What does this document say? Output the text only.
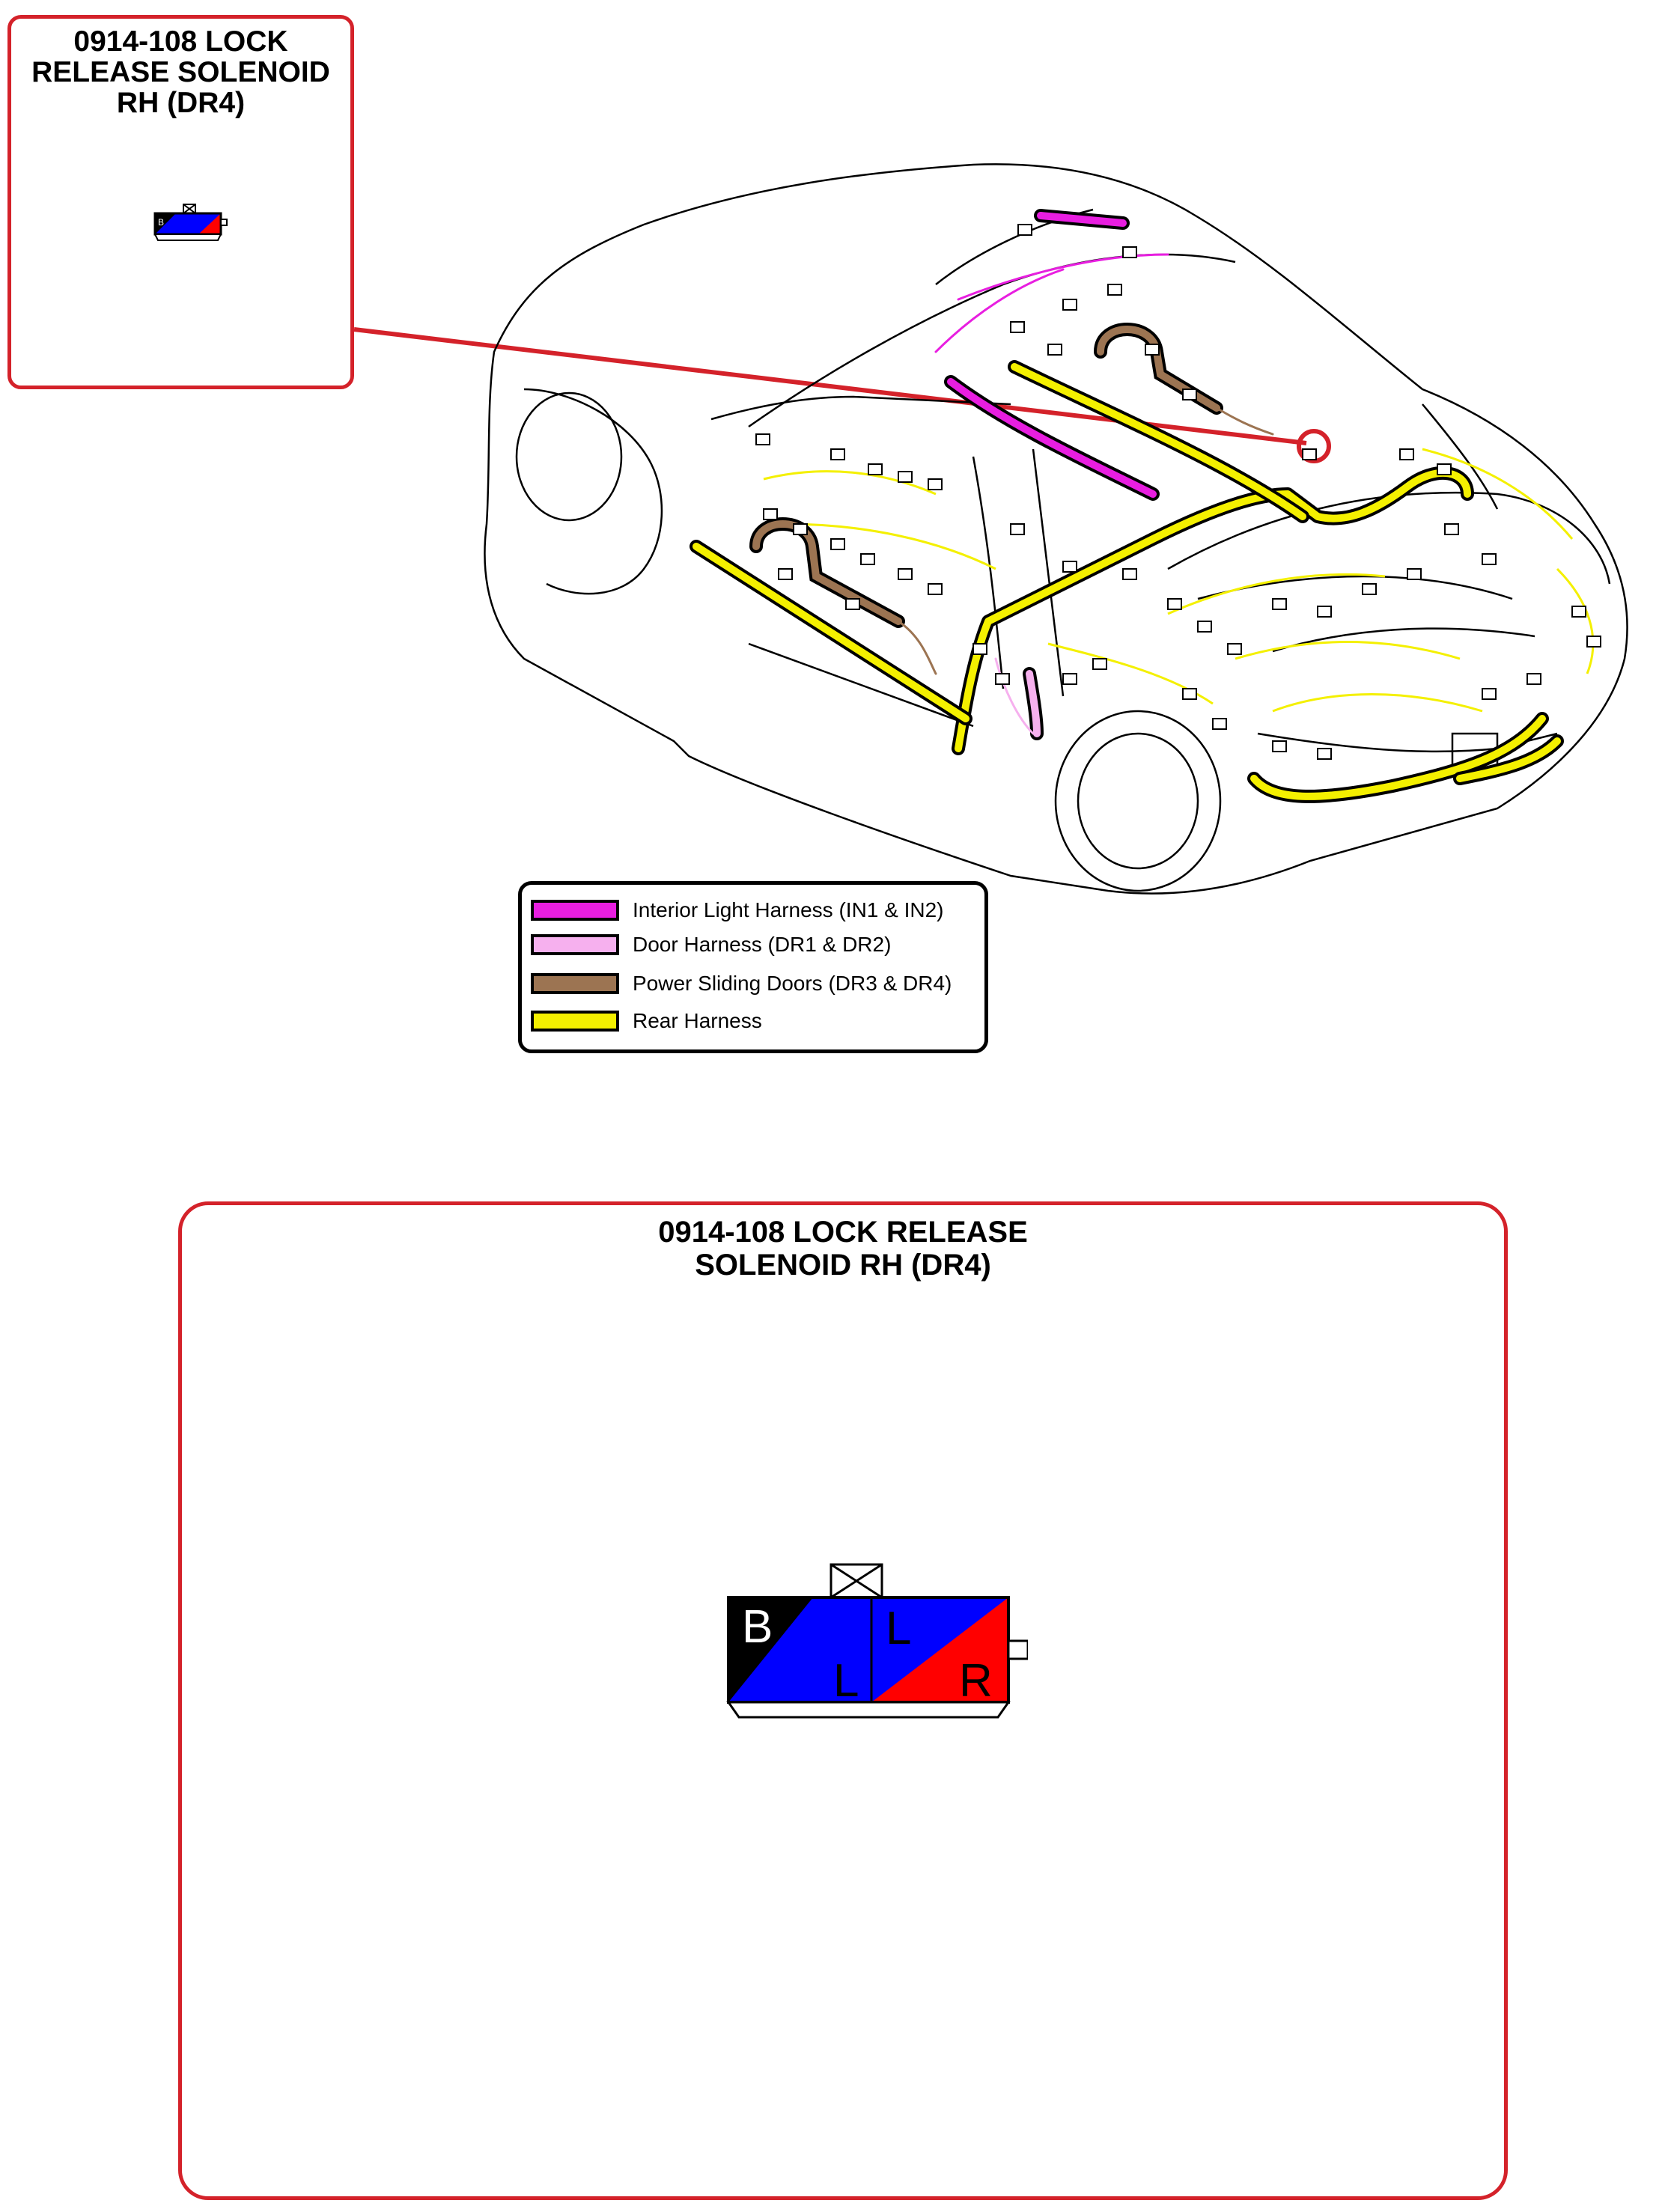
0914-108 LOCK
RELEASE SOLENOID
RH (DR4)
B
Interior Light Harness (IN1 & IN2)
Door Harness (DR1 & DR2)
Power Sliding Doors (DR3 & DR4)
Rear Harness
0914-108 LOCK RELEASE
SOLENOID RH (DR4)
B
L
L
R
